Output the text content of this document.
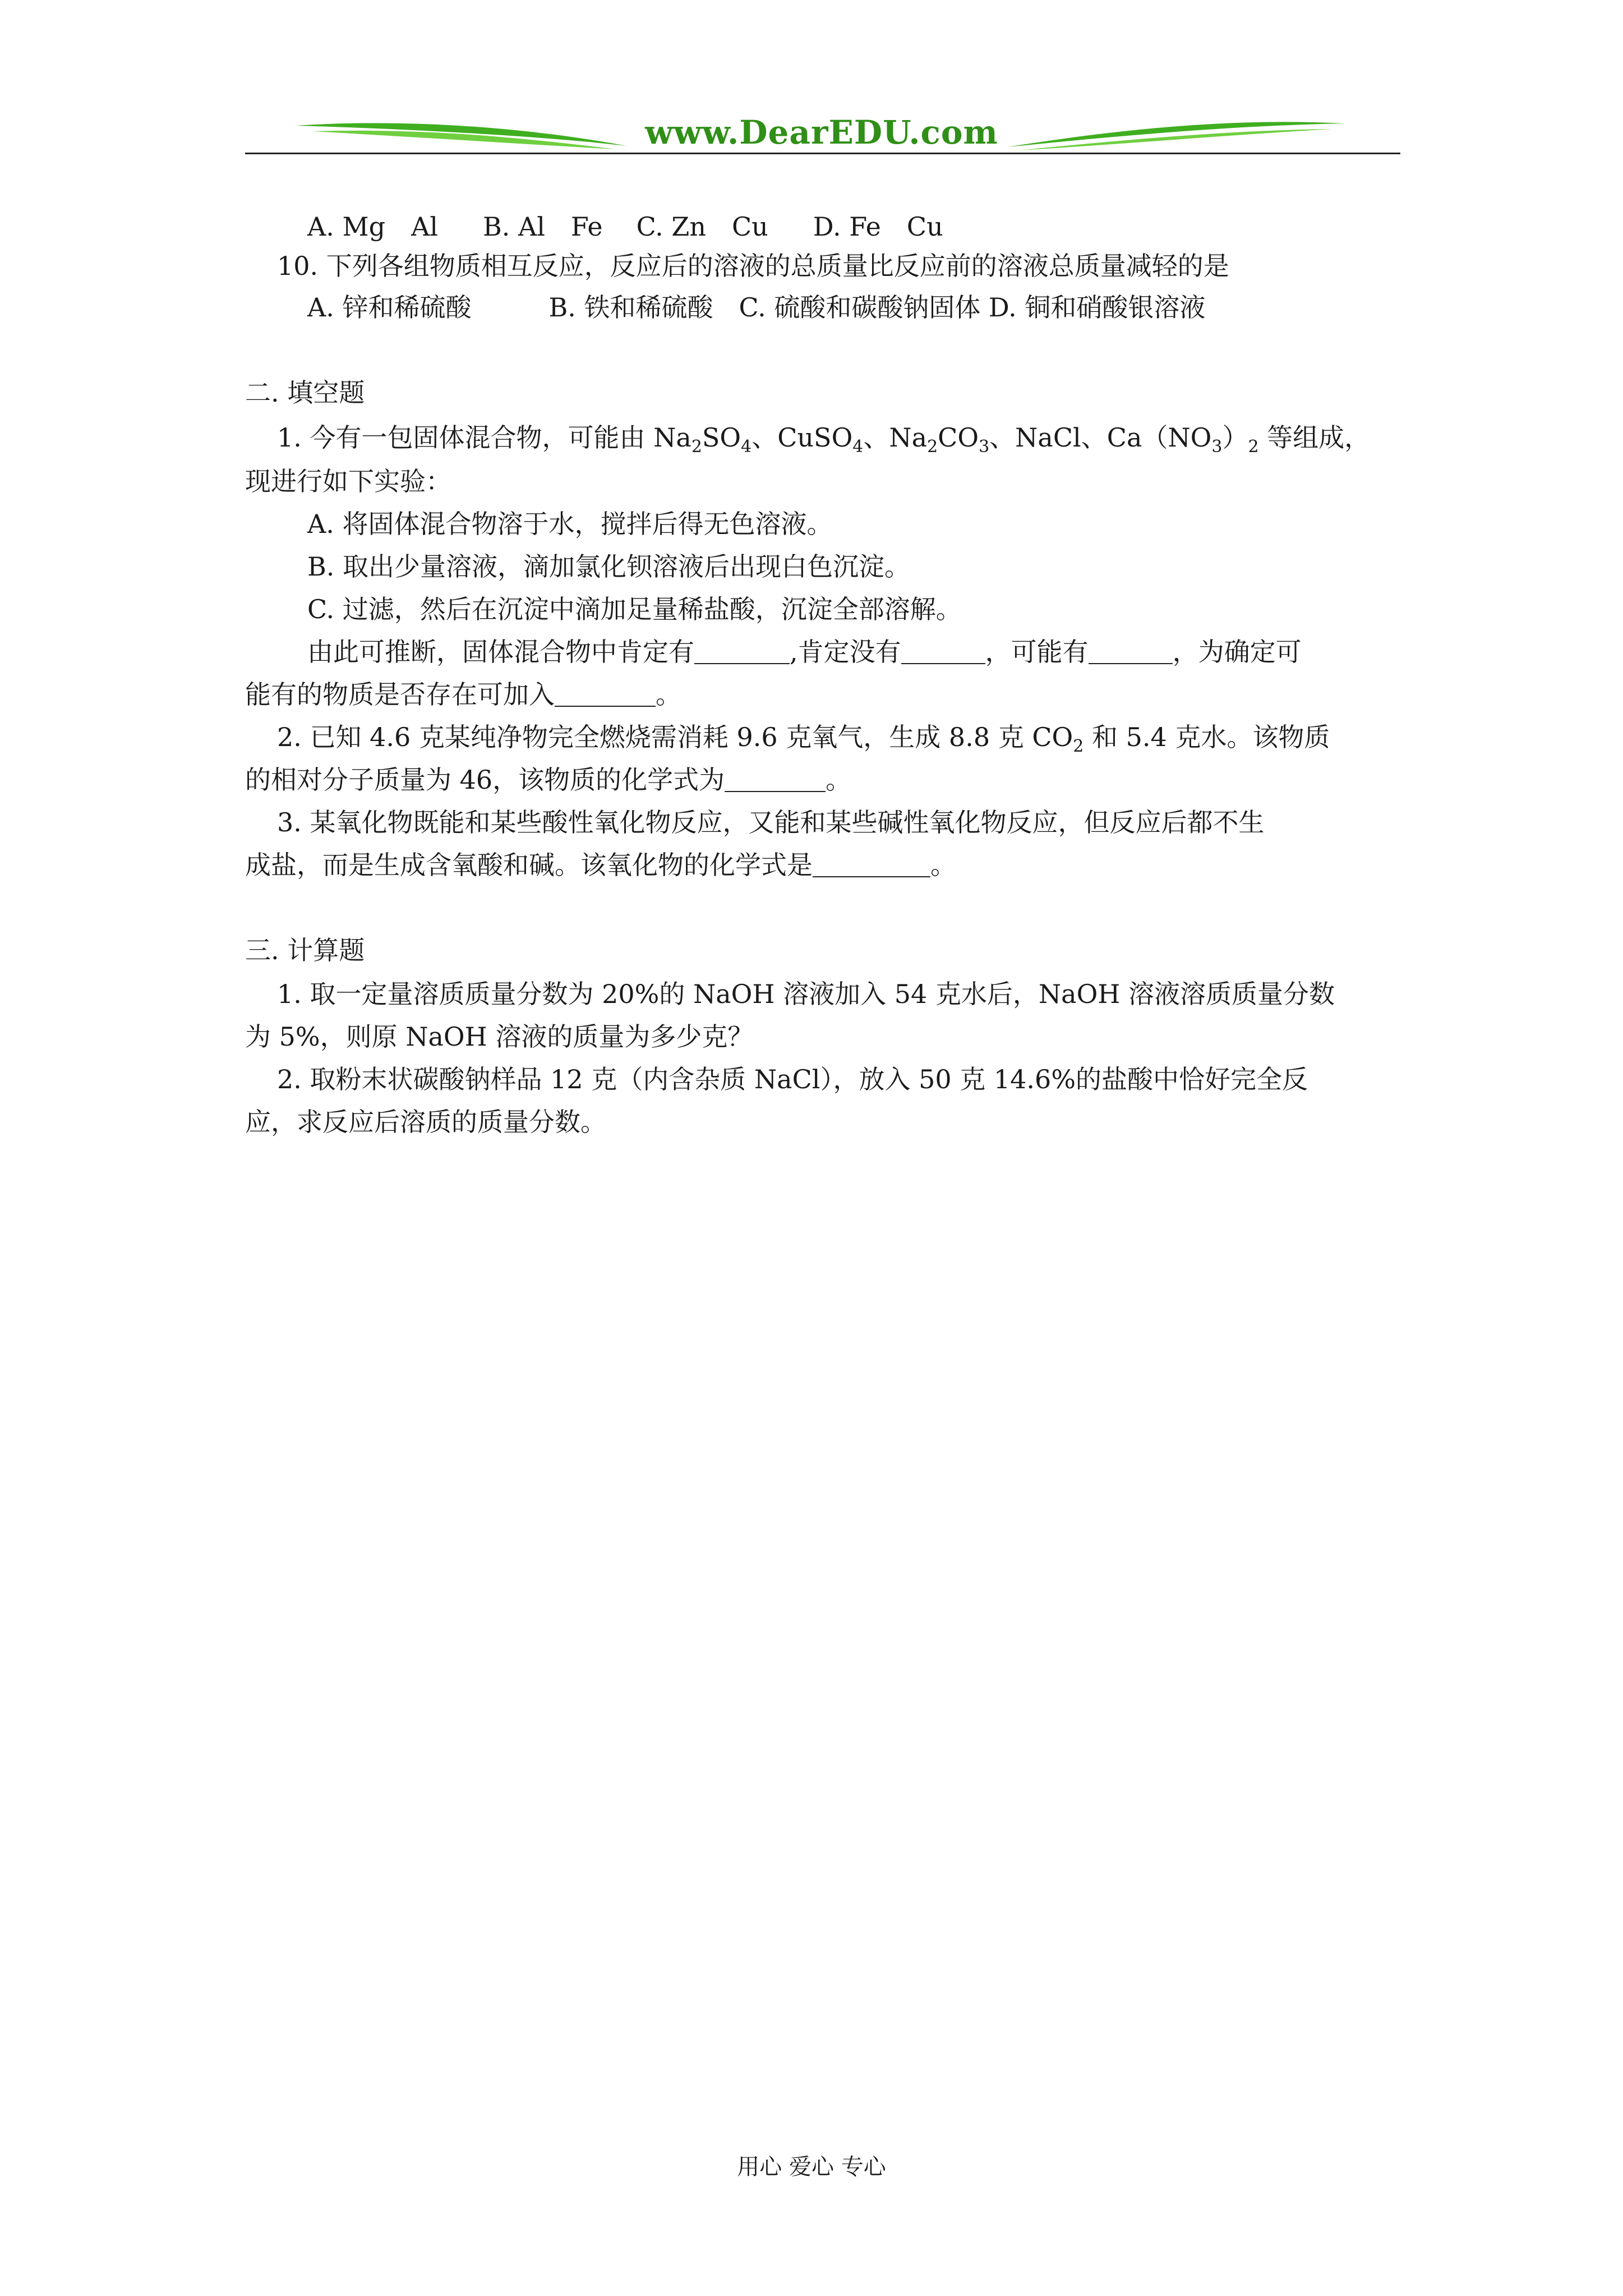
www.DearEDU.com
A. Mg　Al B. Al　Fe C. Zn　Cu D. Fe　Cu
10. 下列各组物质相互反应，反应后的溶液的总质量比反应前的溶液总质量减轻的是
A. 锌和稀硫酸　　　B. 铁和稀硫酸　C. 硫酸和碳酸钠固体 D. 铜和硝酸银溶液
二. 填空题
1. 今有一包固体混合物，可能由 $Na_2SO_4$、CuSO$_4$、$Na_2CO_3$、NaCl、$Ca(NO_3)_2$ 等组成，
现进行如下实验：
A. 将固体混合物溶于水，搅拌后得无色溶液。
B. 取出少量溶液，滴加氯化钡溶液后出现白色沉淀。
C. 过滤，然后在沉淀中滴加足量稀盐酸，沉淀全部溶解。
由此可推断，固体混合物中肯定有	,肯定没有	，可能有	，为确定可
能有的物质是否存在可加入	。
2. 已知 4.6 克某纯净物完全燃烧需消耗 9.6 克氧气，生成 8.8 克 $CO_2$ 和 5.4 克水。该物质
的相对分子质量为 46，该物质的化学式为	。
3. 某氧化物既能和某些酸性氧化物反应，又能和某些碱性氧化物反应，但反应后都不生
成盐，而是生成含氧酸和碱。该氧化物的化学式是	。
三. 计算题
1. 取一定量溶质质量分数为 20%的 NaOH 溶液加入 54 克水后，NaOH 溶液溶质质量分数
为 5%，则原 NaOH 溶液的质量为多少克？
2. 取粉末状碳酸钠样品 12 克（内含杂质 NaCl），放入 50 克 14.6%的盐酸中恰好完全反
应，求反应后溶质的质量分数。
用心 爱心 专心
